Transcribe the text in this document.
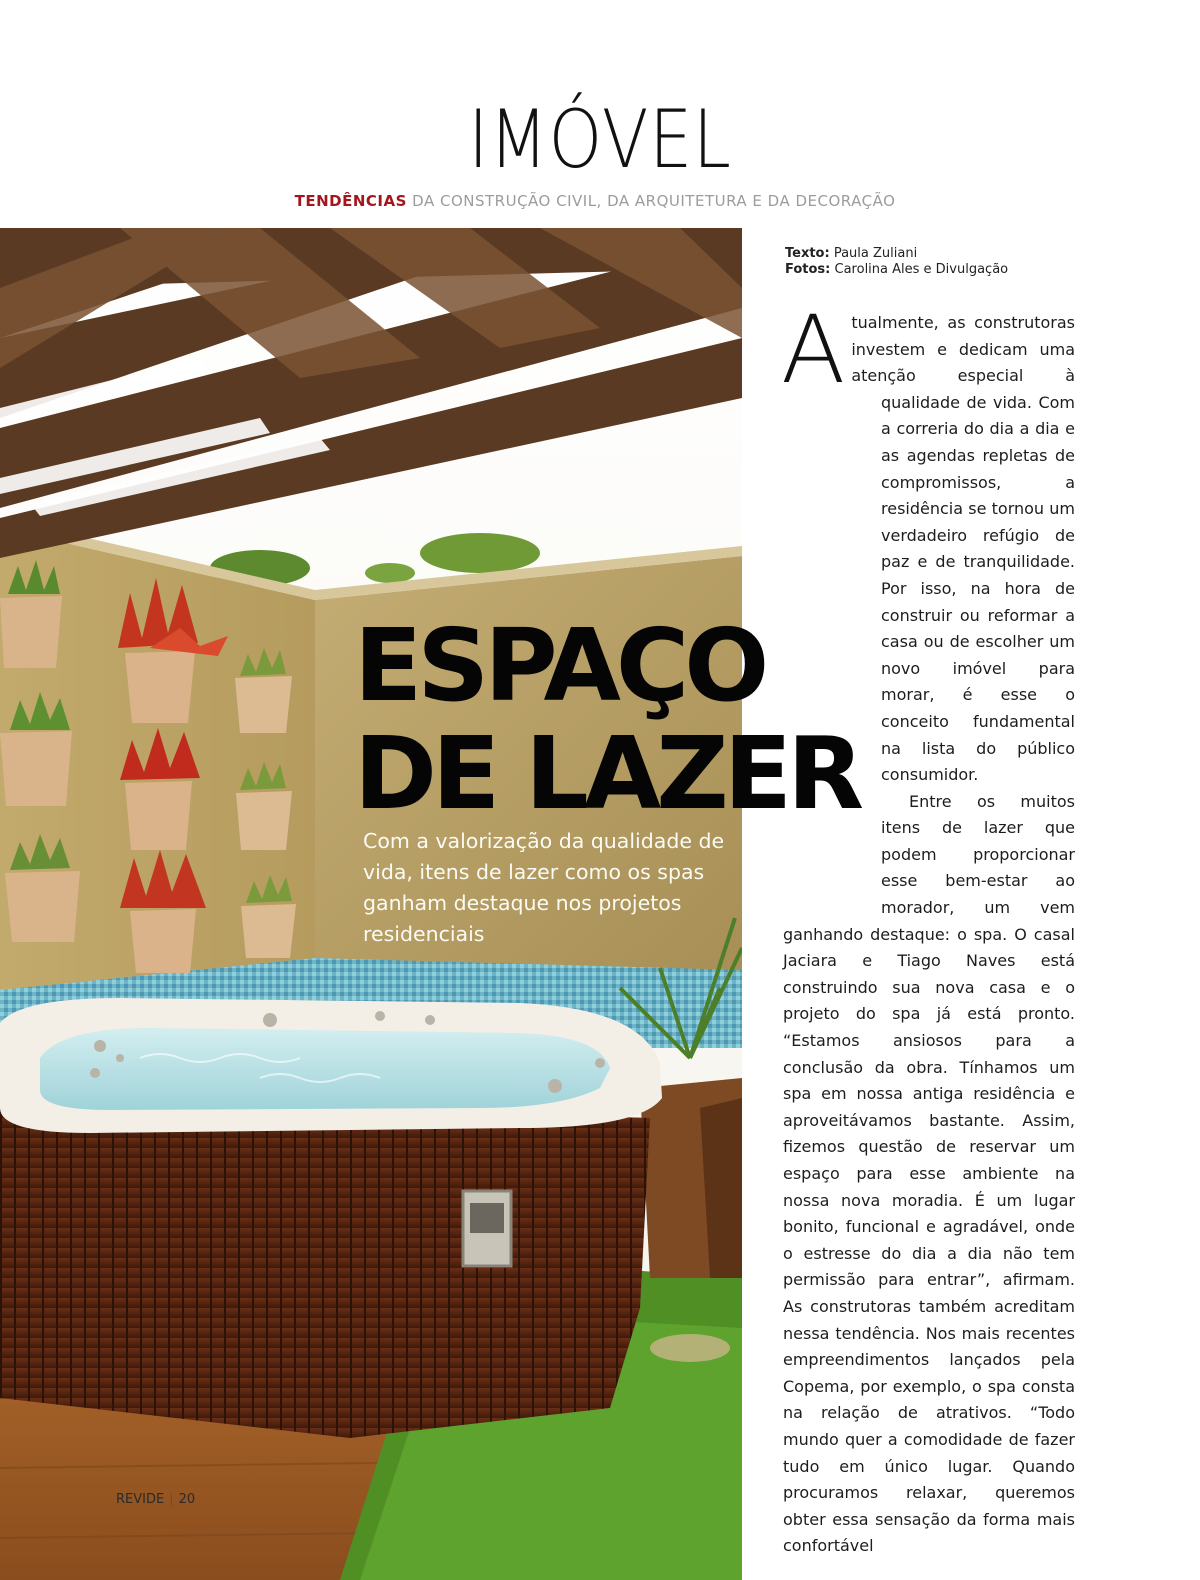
IMÓVEL
TENDÊNCIAS DA CONSTRUÇÃO CIVIL, DA ARQUITETURA E DA DECORAÇÃO
ESPAÇO
DE LAZER
Com a valorização da qualidade de vida, itens de lazer como os spas ganham destaque nos projetos residenciais
Texto: Paula Zuliani
Fotos: Carolina Ales e Divulgação
A tualmente, as construtoras investem e dedicam uma atenção especial à qualidade de vida. Com a correria do dia a dia e as agendas repletas de compromissos, a residência se tornou um verdadeiro refúgio de paz e de tranquilidade. Por isso, na hora de construir ou reformar a casa ou de escolher um novo imóvel para morar, é esse o conceito fundamental na lista do público consumidor.

Entre os muitos itens de lazer que podem proporcionar esse bem-estar ao morador, um vem ganhando destaque: o spa. O casal Jaciara e Tiago Naves está construindo sua nova casa e o projeto do spa já está pronto. “Estamos ansiosos para a conclusão da obra. Tínhamos um spa em nossa antiga residência e aproveitávamos bastante. Assim, fizemos questão de reservar um espaço para esse ambiente na nossa nova moradia. É um lugar bonito, funcional e agradável, onde o estresse do dia a dia não tem permissão para entrar”, afirmam. As construtoras também acreditam nessa tendência. Nos mais recentes empreendimentos lançados pela Copema, por exemplo, o spa consta na relação de atrativos. “Todo mundo quer a comodidade de fazer tudo em único lugar. Quando procuramos relaxar, queremos obter essa sensação da forma mais confortável

REVIDE | 20
